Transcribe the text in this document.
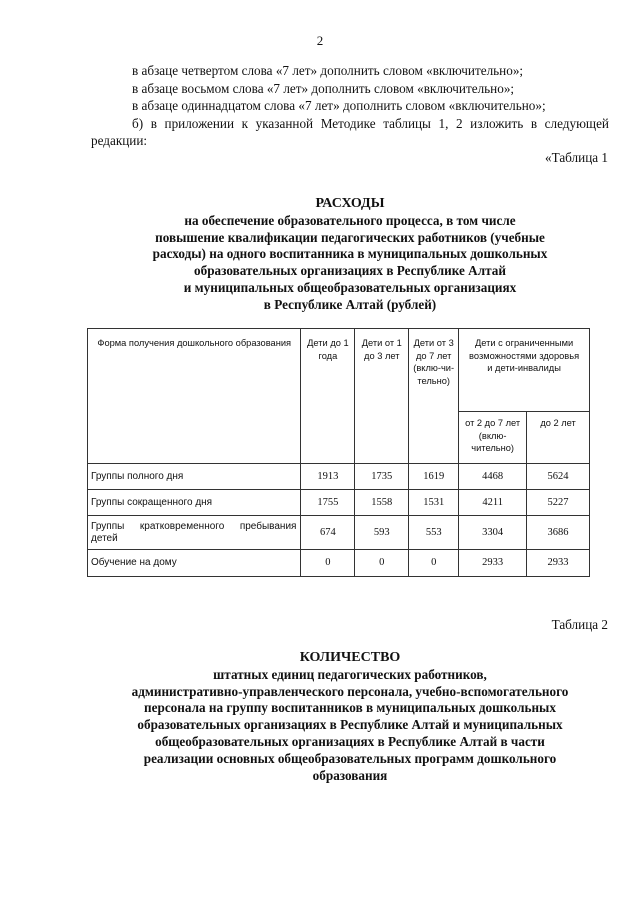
2

в абзаце четвертом слова «7 лет» дополнить словом «включительно»;

в абзаце восьмом слова «7 лет» дополнить словом «включительно»;

в абзаце одиннадцатом слова «7 лет» дополнить словом «включительно»;

б) в приложении к указанной Методике таблицы 1, 2 изложить в следующей редакции:

«Таблица 1
РАСХОДЫ
на обеспечение образовательного процесса, в том числе
повышение квалификации педагогических работников (учебные
расходы) на одного воспитанника в муниципальных дошкольных
образовательных организациях в Республике Алтай
и муниципальных общеобразовательных организациях
в Республике Алтай (рублей)
Форма получения дошкольного образования	Дети до 1 года	Дети от 1 до 3 лет	Дети от 3 до 7 лет (вклю-чи-тельно)	Дети с ограниченными возможностями здоровья и дети-инвалиды	
				от 2 до 7 лет (вклю-чительно)	до 2 лет
Группы полного дня	1913	1735	1619	4468	5624
Группы сокращенного дня	1755	1558	1531	4211	5227

Группы кратковременного пребывания
детей	674	593	553	3304	3686
Обучение на дому	0	0	0	2933	2933
Таблица 2
КОЛИЧЕСТВО
штатных единиц педагогических работников,
административно-управленческого персонала, учебно-вспомогательного
персонала на группу воспитанников в муниципальных дошкольных
образовательных организациях в Республике Алтай и муниципальных
общеобразовательных организациях в Республике Алтай в части
реализации основных общеобразовательных программ дошкольного
образования
